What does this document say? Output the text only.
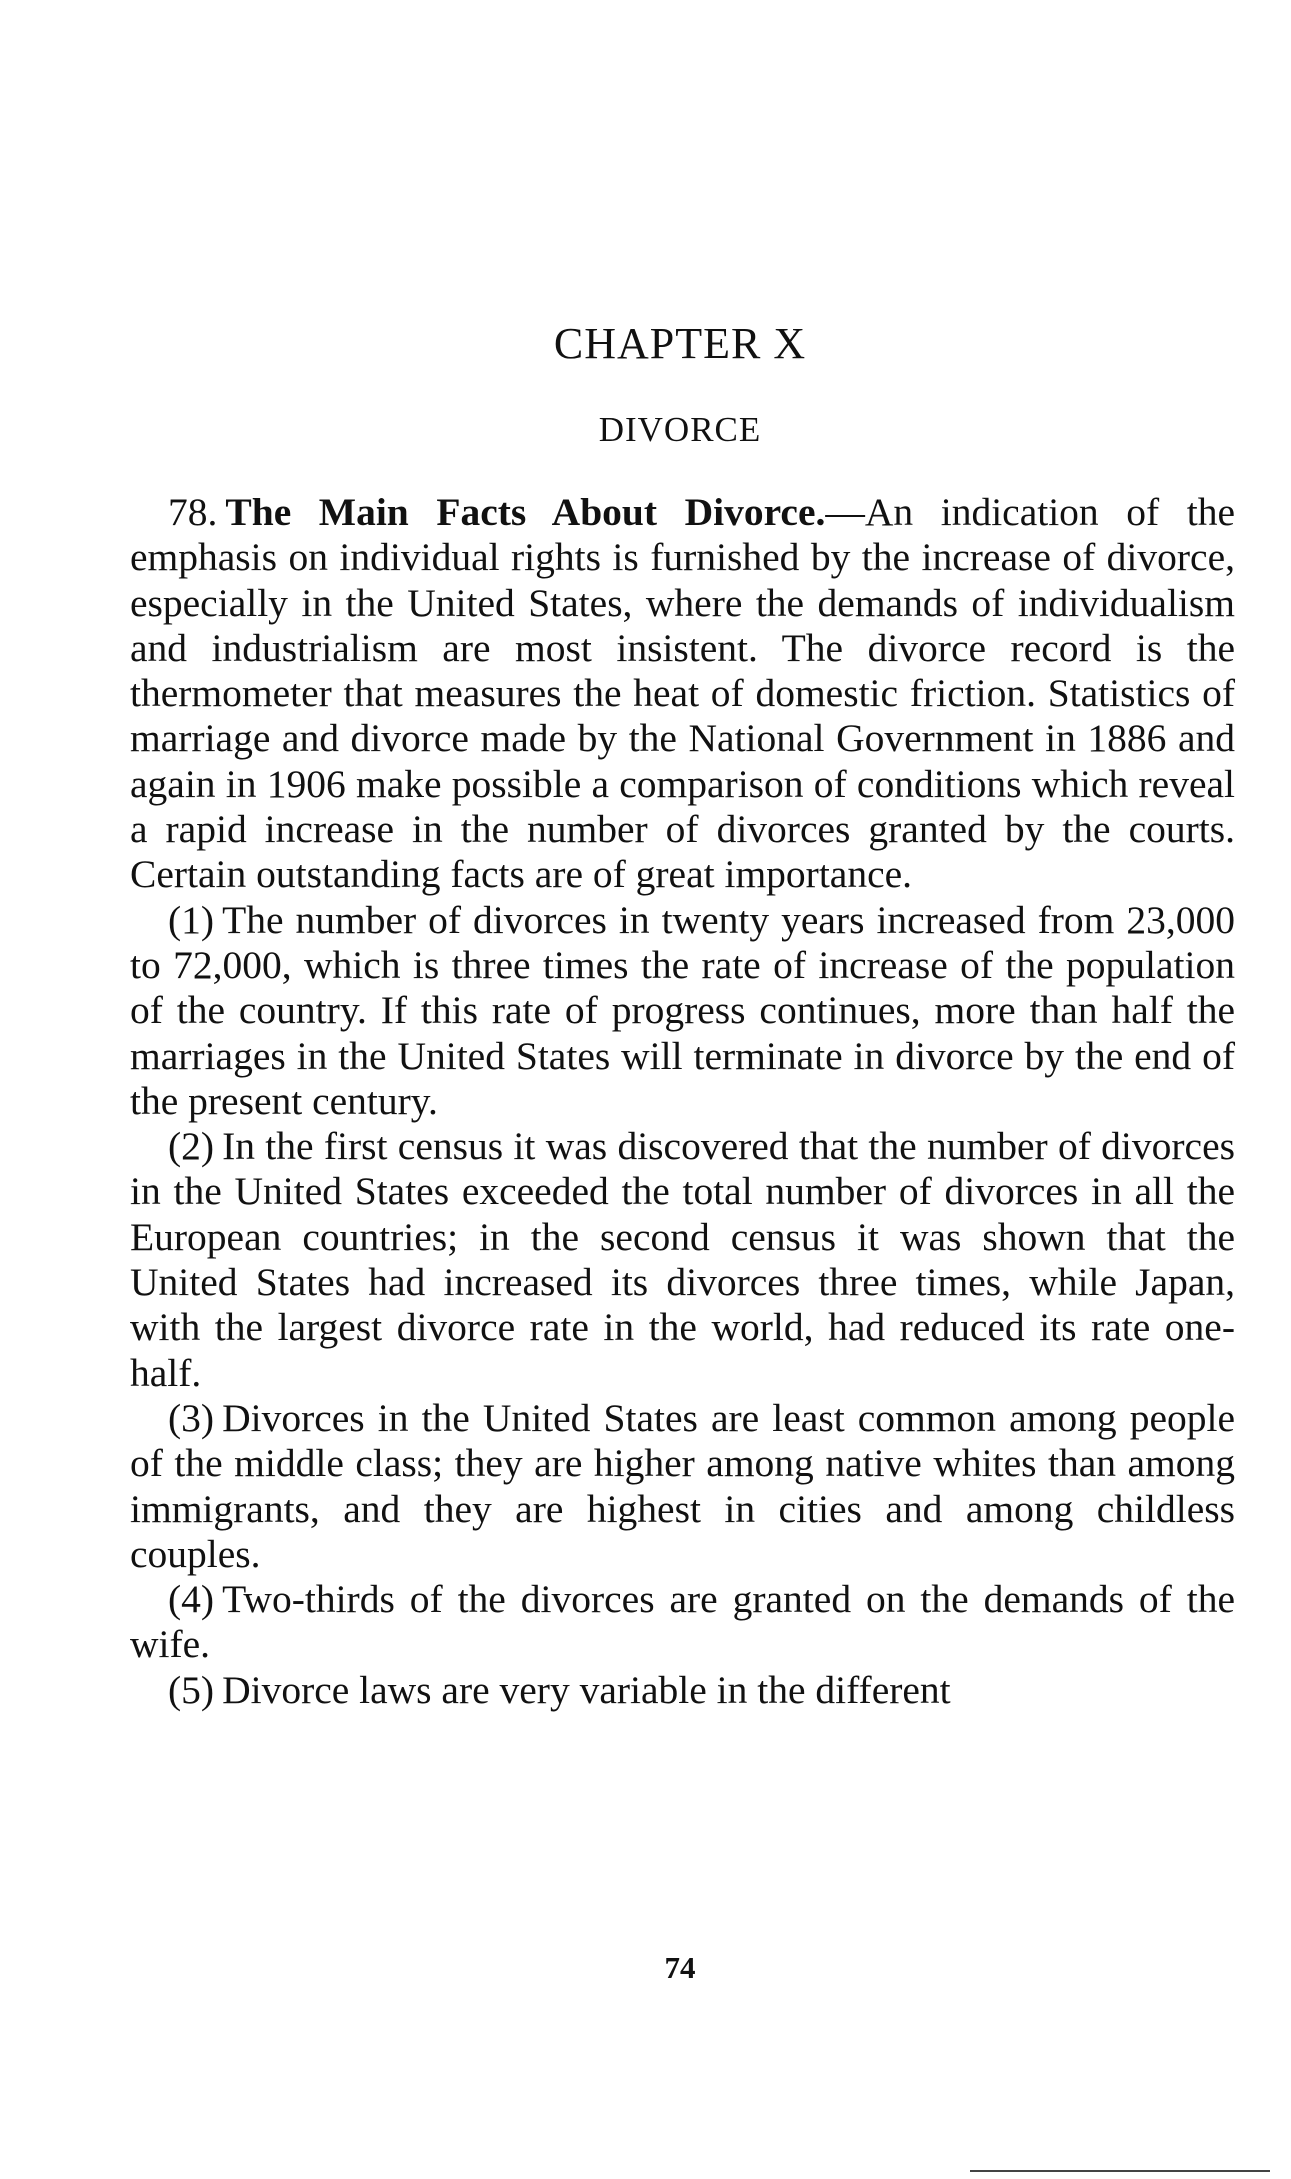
CHAPTER X
DIVORCE

78. The Main Facts About Divorce.—An indication of the emphasis on individual rights is furnished by the increase of divorce, especially in the United States, where the demands of individualism and industrialism are most insistent. The divorce record is the thermometer that measures the heat of domestic friction. Statistics of marriage and divorce made by the National Government in 1886 and again in 1906 make possible a comparison of conditions which reveal a rapid increase in the number of divorces granted by the courts. Certain outstanding facts are of great importance.

(1) The number of divorces in twenty years increased from 23,000 to 72,000, which is three times the rate of increase of the population of the country. If this rate of progress continues, more than half the marriages in the United States will terminate in divorce by the end of the present century.

(2) In the first census it was discovered that the number of divorces in the United States exceeded the total number of divorces in all the European countries; in the second census it was shown that the United States had increased its divorces three times, while Japan, with the largest divorce rate in the world, had reduced its rate one-half.

(3) Divorces in the United States are least common among people of the middle class; they are higher among native whites than among immigrants, and they are highest in cities and among childless couples.

(4) Two-thirds of the divorces are granted on the demands of the wife.

(5) Divorce laws are very variable in the different

74
